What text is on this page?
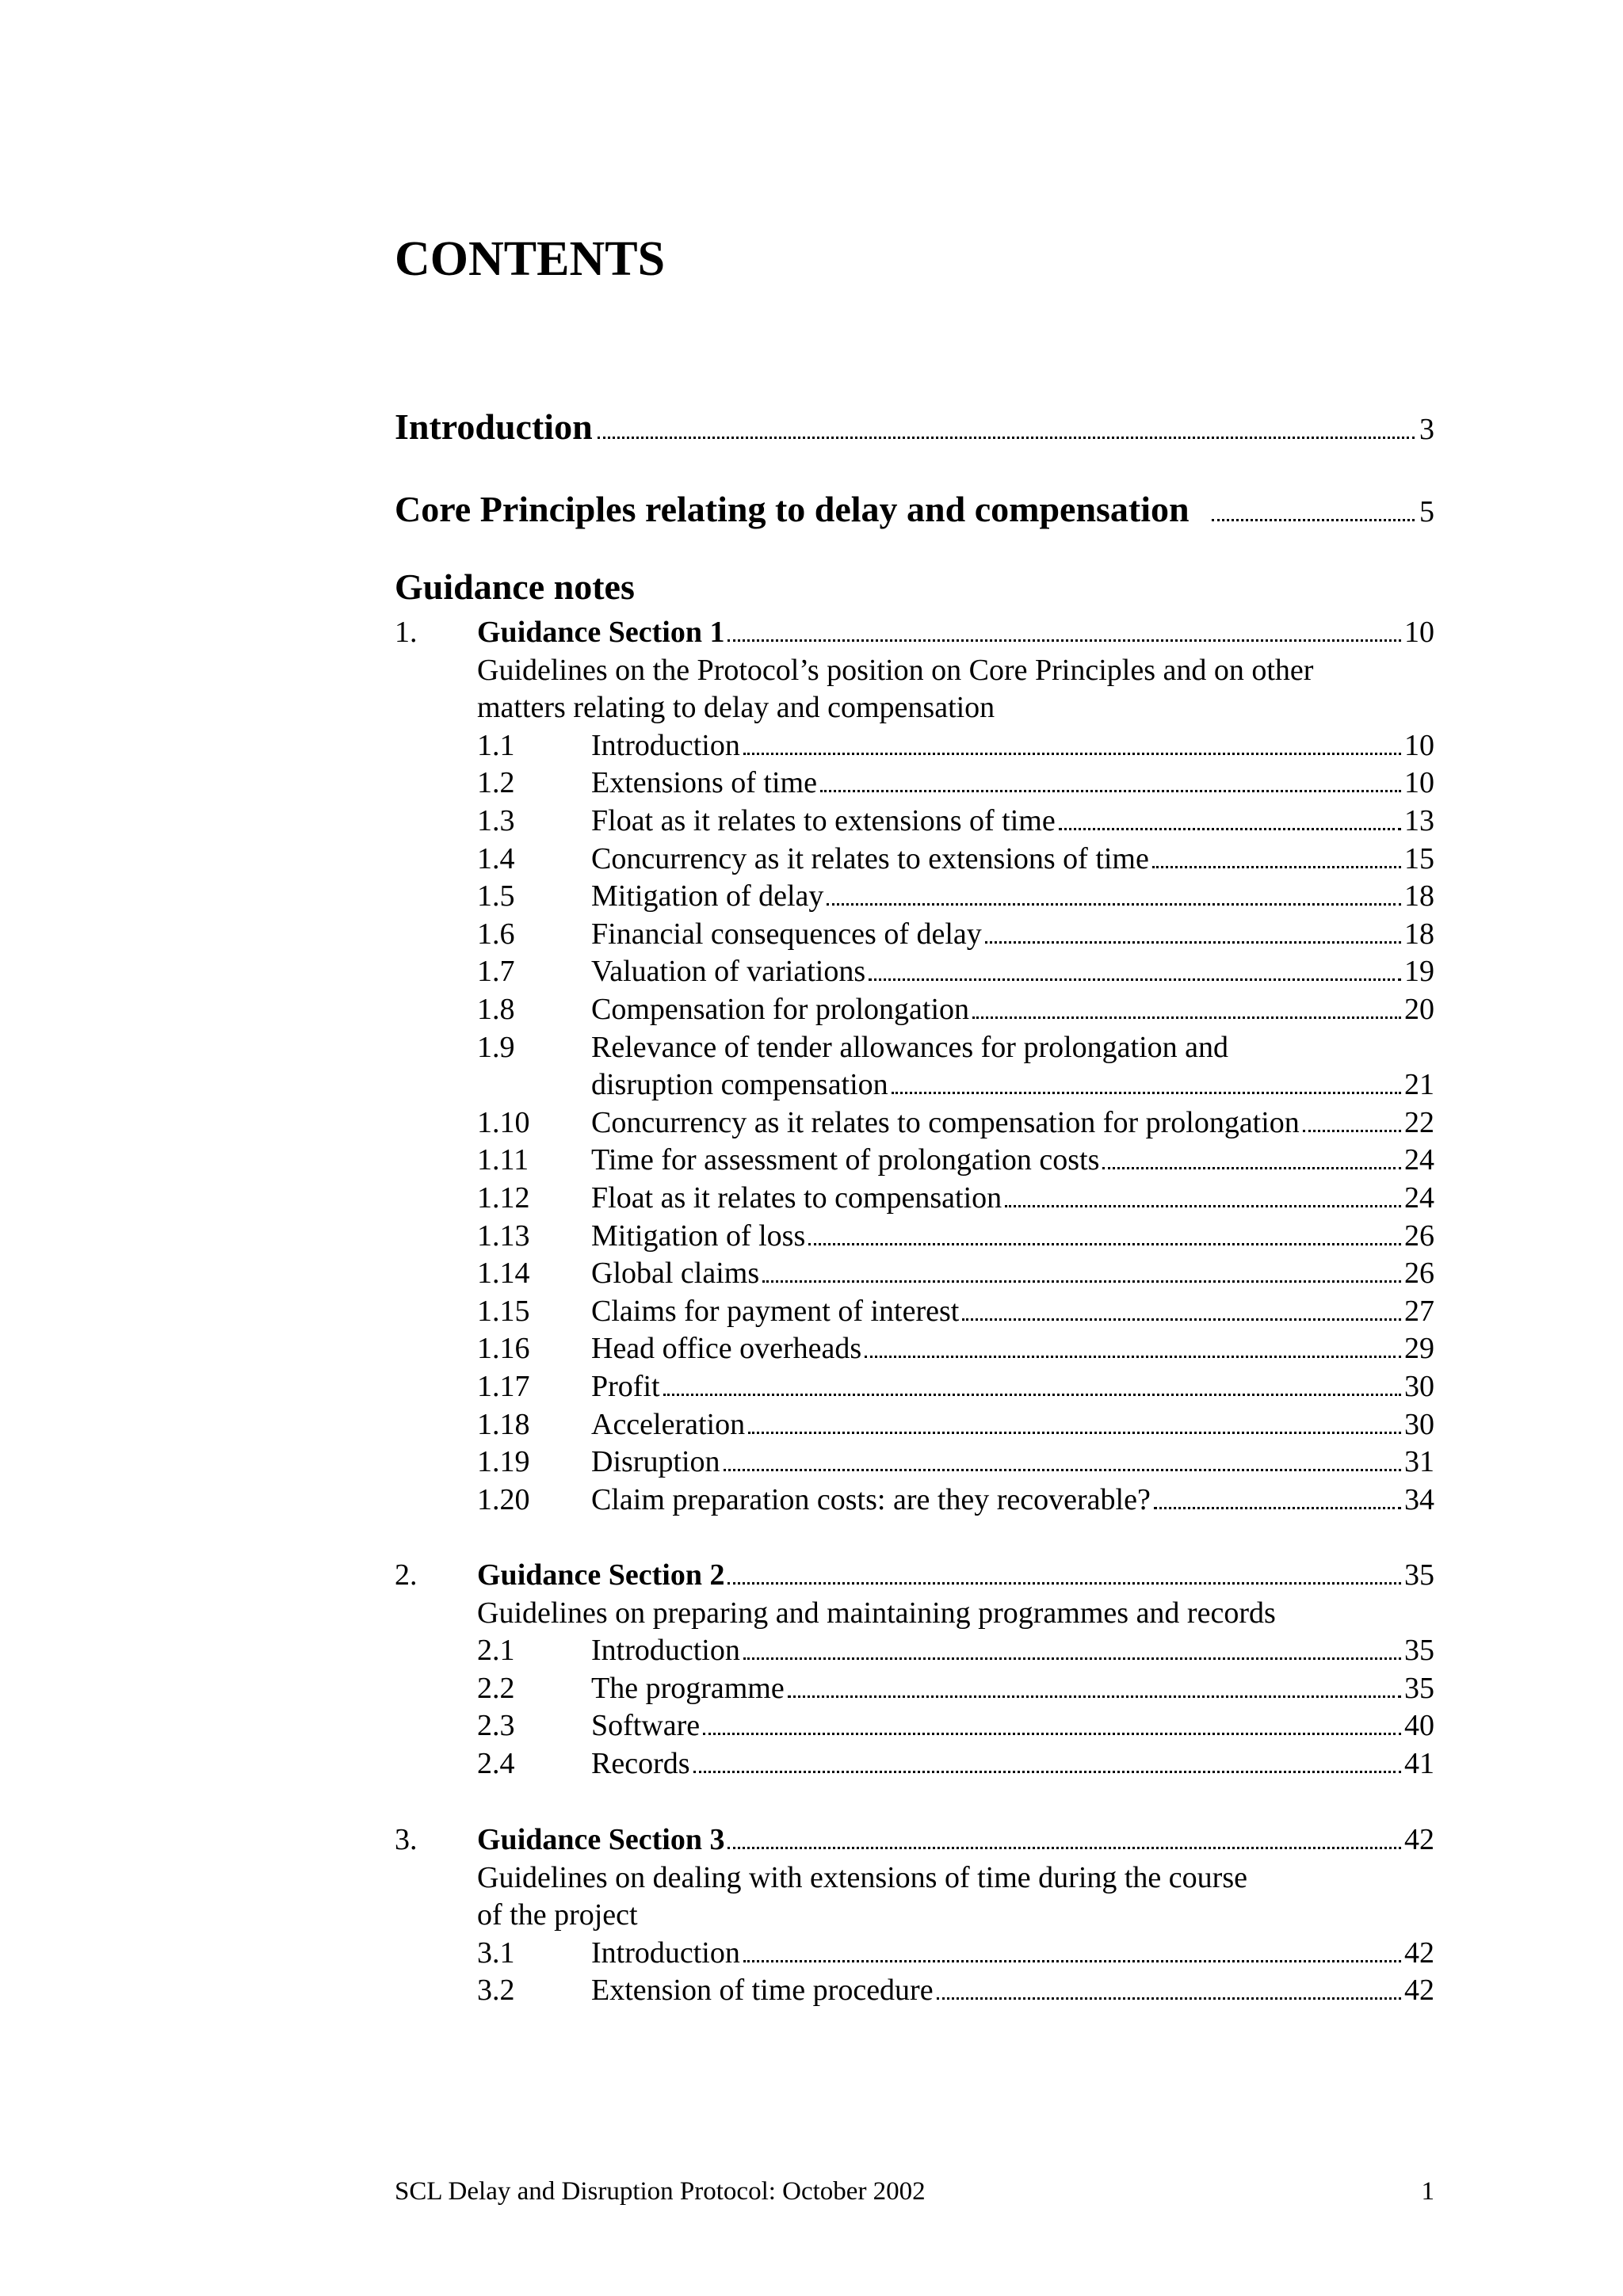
CONTENTS
Introduction	3
Core Principles relating to delay and compensation	5
Guidance notes
1. Guidance Section 1	10
Guidelines on the Protocol’s position on Core Principles and on other
matters relating to delay and compensation
1.1	Introduction	10
1.2	Extensions of time	10
1.3	Float as it relates to extensions of time	13
1.4	Concurrency as it relates to extensions of time	15
1.5	Mitigation of delay	18
1.6	Financial consequences of delay	18
1.7	Valuation of variations	19
1.8	Compensation for prolongation	20
1.9	Relevance of tender allowances for prolongation and
disruption compensation	21
1.10 Concurrency as it relates to compensation for prolongation	22
1.11 Time for assessment of prolongation costs	24
1.12 Float as it relates to compensation	24
1.13 Mitigation of loss	26
1.14 Global claims	26
1.15 Claims for payment of interest	27
1.16 Head office overheads	29
1.17 Profit	30
1.18 Acceleration	30
1.19 Disruption	31
1.20 Claim preparation costs: are they recoverable?	34
2. Guidance Section 2	35
Guidelines on preparing and maintaining programmes and records
2.1	Introduction	35
2.2	The programme	35
2.3	Software	40
2.4	Records	41
3. Guidance Section 3	42
Guidelines on dealing with extensions of time during the course
of the project
3.1	Introduction	42
3.2	Extension of time procedure	42
SCL Delay and Disruption Protocol: October 2002	1
